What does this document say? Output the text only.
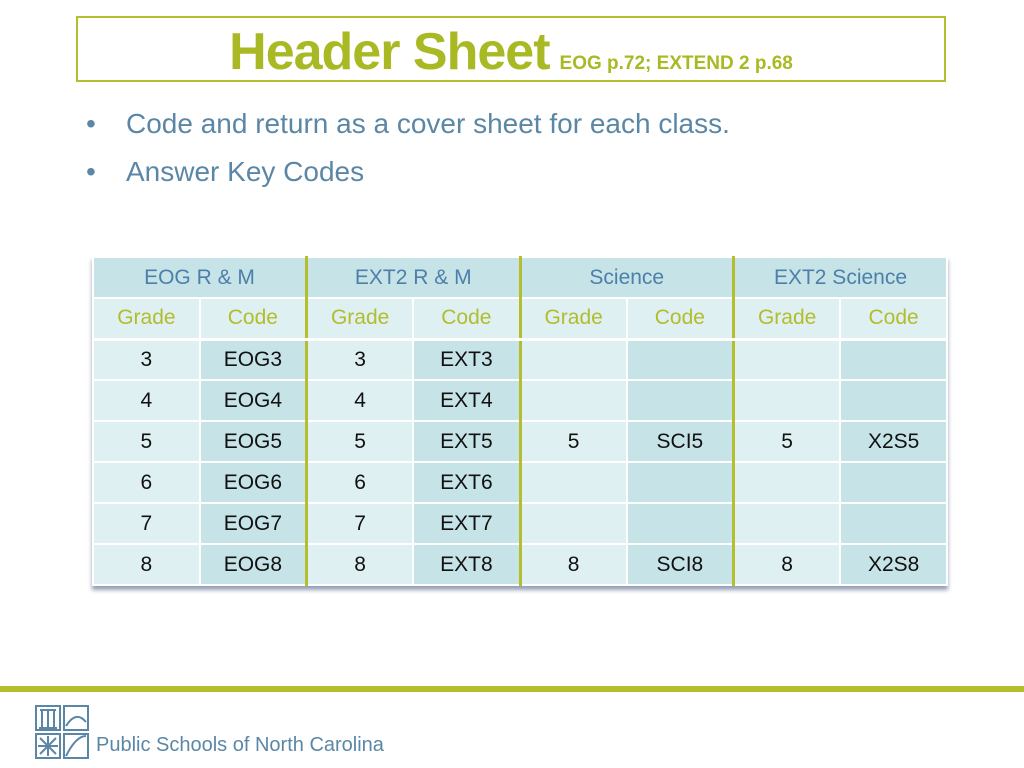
Header Sheet EOG p.72; EXTEND 2 p.68
• Code and return as a cover sheet for each class.
• Answer Key Codes
EOG R & M		EXT2 R & M		Science		EXT2 Science	
Grade	Code	Grade	Code	Grade	Code	Grade	Code
3	EOG3	3	EXT3				
4	EOG4	4	EXT4				
5	EOG5	5	EXT5	5	SCI5	5	X2S5
6	EOG6	6	EXT6				
7	EOG7	7	EXT7				
8	EOG8	8	EXT8	8	SCI8	8	X2S8
Public Schools of North Carolina
